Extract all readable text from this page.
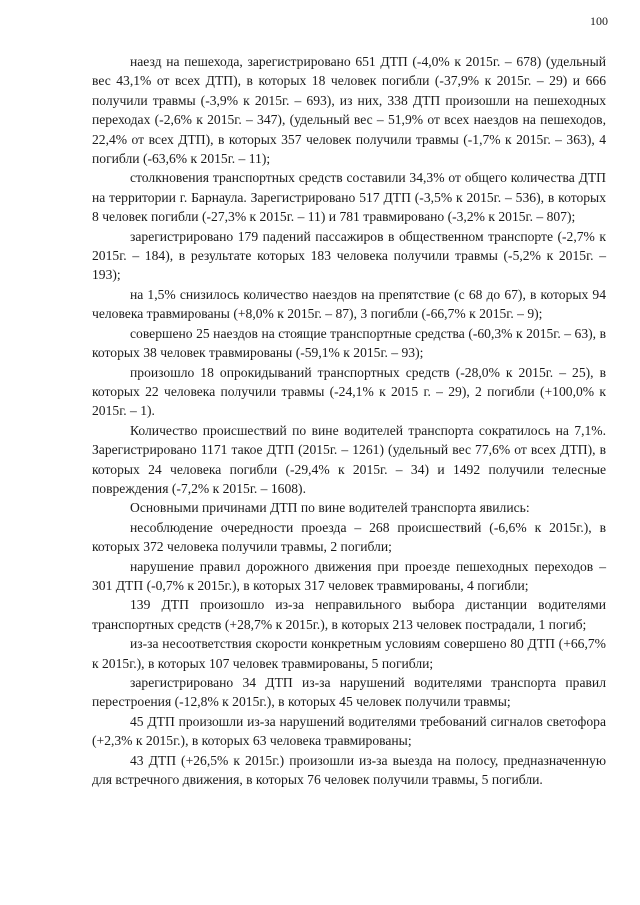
100

наезд на пешехода, зарегистрировано 651 ДТП (-4,0% к 2015г. – 678) (удельный вес 43,1% от всех ДТП), в которых 18 человек погибли (-37,9% к 2015г. – 29) и 666 получили травмы (-3,9% к 2015г. – 693), из них, 338 ДТП произошли на пешеходных переходах (-2,6% к 2015г. – 347), (удельный вес – 51,9% от всех наездов на пешеходов, 22,4% от всех ДТП), в которых 357 человек получили травмы (-1,7% к 2015г. – 363), 4 погибли (-63,6% к 2015г. – 11);

столкновения транспортных средств составили 34,3% от общего количества ДТП на территории г. Барнаула. Зарегистрировано 517 ДТП (-3,5% к 2015г. – 536), в которых 8 человек погибли (-27,3% к 2015г. – 11) и 781 травмировано (-3,2% к 2015г. – 807);

зарегистрировано 179 падений пассажиров в общественном транспорте (-2,7% к 2015г. – 184), в результате которых 183 человека получили травмы (-5,2% к 2015г. – 193);

на 1,5% снизилось количество наездов на препятствие (с 68 до 67), в которых 94 человека травмированы (+8,0% к 2015г. – 87), 3 погибли (-66,7% к 2015г. – 9);

совершено 25 наездов на стоящие транспортные средства (-60,3% к 2015г. – 63), в которых 38 человек травмированы (-59,1% к 2015г. – 93);

произошло 18 опрокидываний транспортных средств (-28,0% к 2015г. – 25), в которых 22 человека получили травмы (-24,1% к 2015 г. – 29), 2 погибли (+100,0% к 2015г. – 1).

Количество происшествий по вине водителей транспорта сократилось на 7,1%. Зарегистрировано 1171 такое ДТП (2015г. – 1261) (удельный вес 77,6% от всех ДТП), в которых 24 человека погибли (-29,4% к 2015г. – 34) и 1492 получили телесные повреждения (-7,2% к 2015г. – 1608).

Основными причинами ДТП по вине водителей транспорта явились:

несоблюдение очередности проезда – 268 происшествий (-6,6% к 2015г.), в которых 372 человека получили травмы, 2 погибли;

нарушение правил дорожного движения при проезде пешеходных переходов – 301 ДТП (-0,7% к 2015г.), в которых 317 человек травмированы, 4 погибли;

139 ДТП произошло из-за неправильного выбора дистанции водителями транспортных средств (+28,7% к 2015г.), в которых 213 человек пострадали, 1 погиб;

из-за несоответствия скорости конкретным условиям совершено 80 ДТП (+66,7% к 2015г.), в которых 107 человек травмированы, 5 погибли;

зарегистрировано 34 ДТП из-за нарушений водителями транспорта правил перестроения (-12,8% к 2015г.), в которых 45 человек получили травмы;

45 ДТП произошли из-за нарушений водителями требований сигналов светофора (+2,3% к 2015г.), в которых 63 человека травмированы;

43 ДТП (+26,5% к 2015г.) произошли из-за выезда на полосу, предназначенную для встречного движения, в которых 76 человек получили травмы, 5 погибли.
